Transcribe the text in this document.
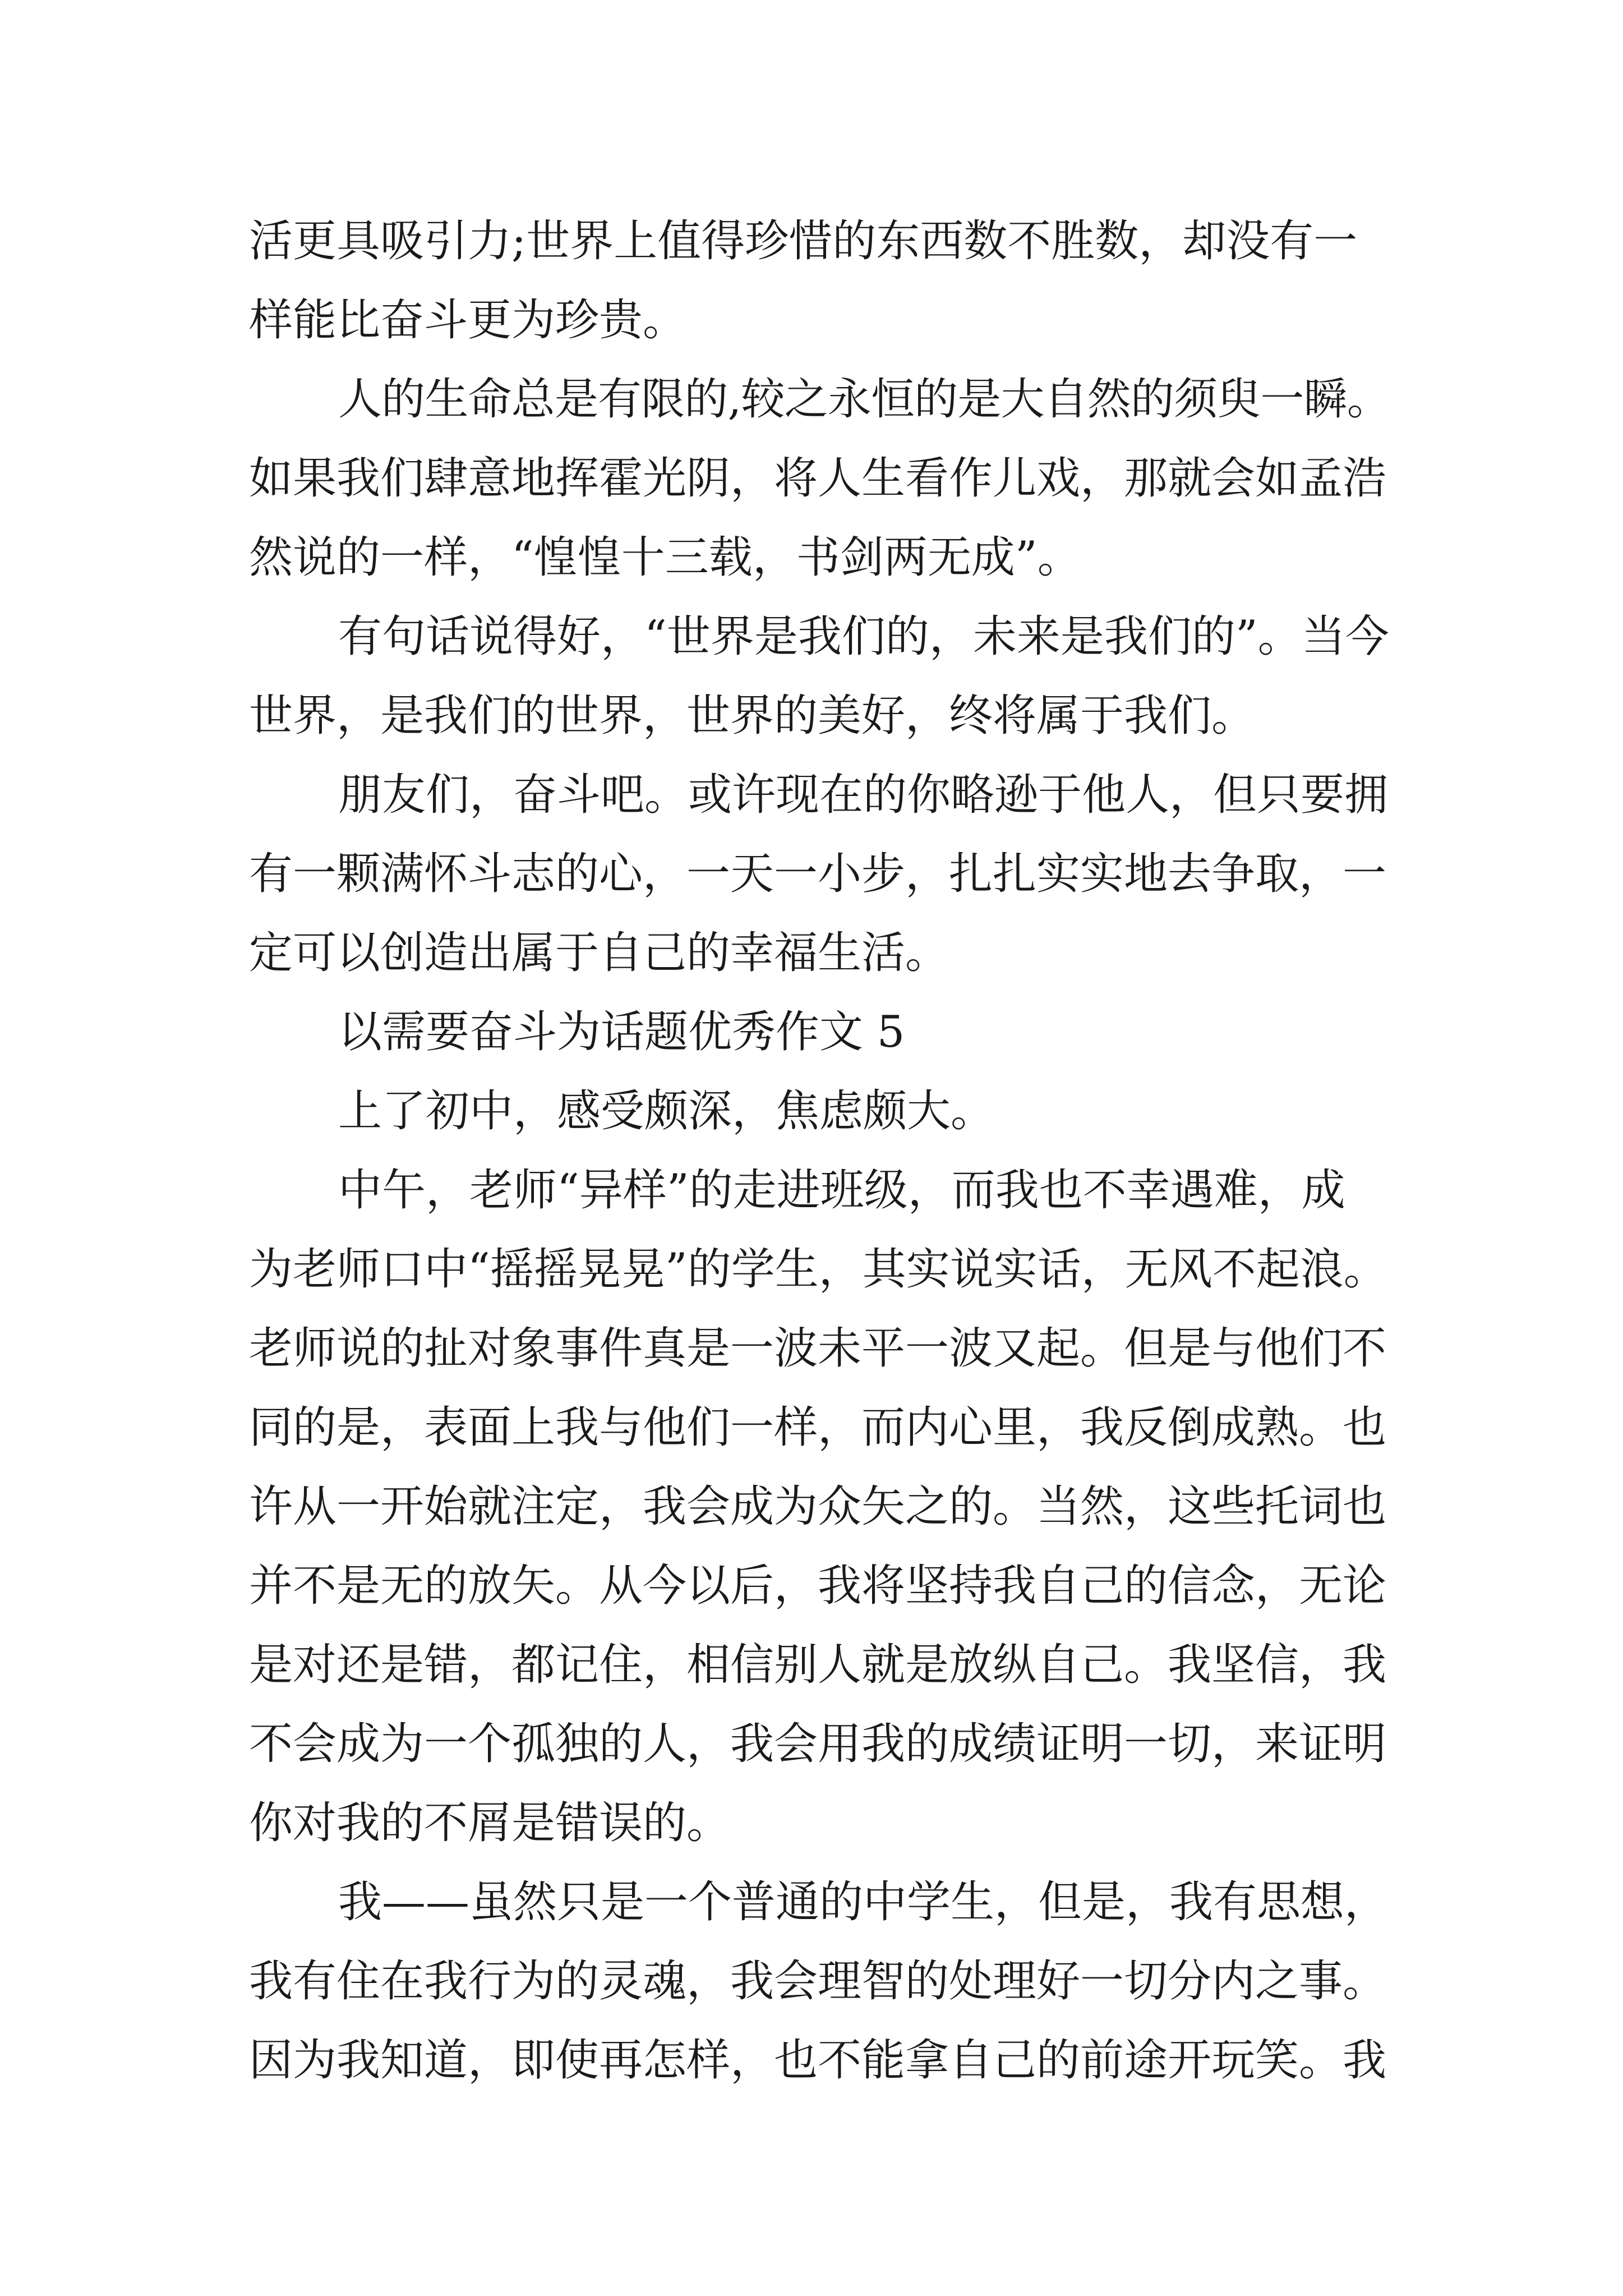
活更具吸引力;世界上值得珍惜的东西数不胜数，却没有一

样能比奋斗更为珍贵。

人的生命总是有限的,较之永恒的是大自然的须臾一瞬。

如果我们肆意地挥霍光阴，将人生看作儿戏，那就会如孟浩

然说的一样，“惶惶十三载，书剑两无成”。

有句话说得好，“世界是我们的，未来是我们的”。当今

世界，是我们的世界，世界的美好，终将属于我们。

朋友们，奋斗吧。或许现在的你略逊于他人，但只要拥

有一颗满怀斗志的心，一天一小步，扎扎实实地去争取，一

定可以创造出属于自己的幸福生活。

以需要奋斗为话题优秀作文 5

上了初中，感受颇深，焦虑颇大。

中午，老师“异样”的走进班级，而我也不幸遇难，成

为老师口中“摇摇晃晃”的学生，其实说实话，无风不起浪。

老师说的扯对象事件真是一波未平一波又起。但是与他们不

同的是，表面上我与他们一样，而内心里，我反倒成熟。也

许从一开始就注定，我会成为众矢之的。当然，这些托词也

并不是无的放矢。从今以后，我将坚持我自己的信念，无论

是对还是错，都记住，相信别人就是放纵自己。我坚信，我

不会成为一个孤独的人，我会用我的成绩证明一切，来证明

你对我的不屑是错误的。

我——虽然只是一个普通的中学生，但是，我有思想，

我有住在我行为的灵魂，我会理智的处理好一切分内之事。

因为我知道，即使再怎样，也不能拿自己的前途开玩笑。我
